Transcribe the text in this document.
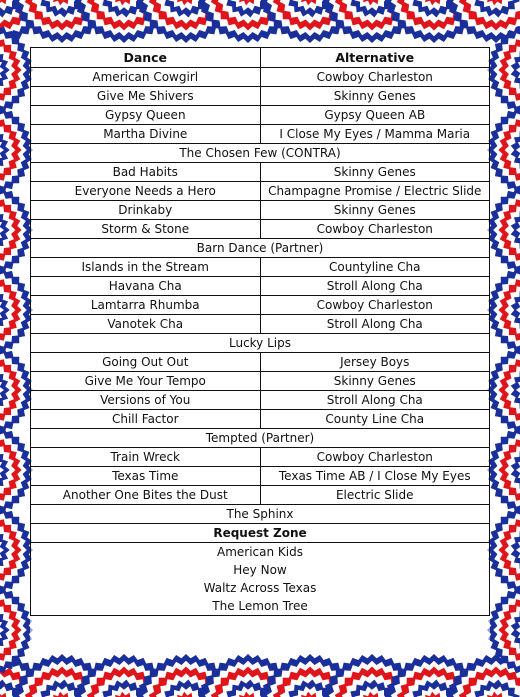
Dance	Alternative
American Cowgirl	Cowboy Charleston
Give Me Shivers	Skinny Genes
Gypsy Queen	Gypsy Queen AB
Martha Divine	I Close My Eyes / Mamma Maria
The Chosen Few (CONTRA)	
Bad Habits	Skinny Genes
Everyone Needs a Hero	Champagne Promise / Electric Slide
Drinkaby	Skinny Genes
Storm & Stone	Cowboy Charleston
Barn Dance (Partner)	
Islands in the Stream	Countyline Cha
Havana Cha	Stroll Along Cha
Lamtarra Rhumba	Cowboy Charleston
Vanotek Cha	Stroll Along Cha
Lucky Lips	
Going Out Out	Jersey Boys
Give Me Your Tempo	Skinny Genes
Versions of You	Stroll Along Cha
Chill Factor	County Line Cha
Tempted (Partner)	
Train Wreck	Cowboy Charleston
Texas Time	Texas Time AB / I Close My Eyes
Another One Bites the Dust	Electric Slide
The Sphinx	
Request Zone	
American Kids	
Hey Now	
Waltz Across Texas	
The Lemon Tree	
